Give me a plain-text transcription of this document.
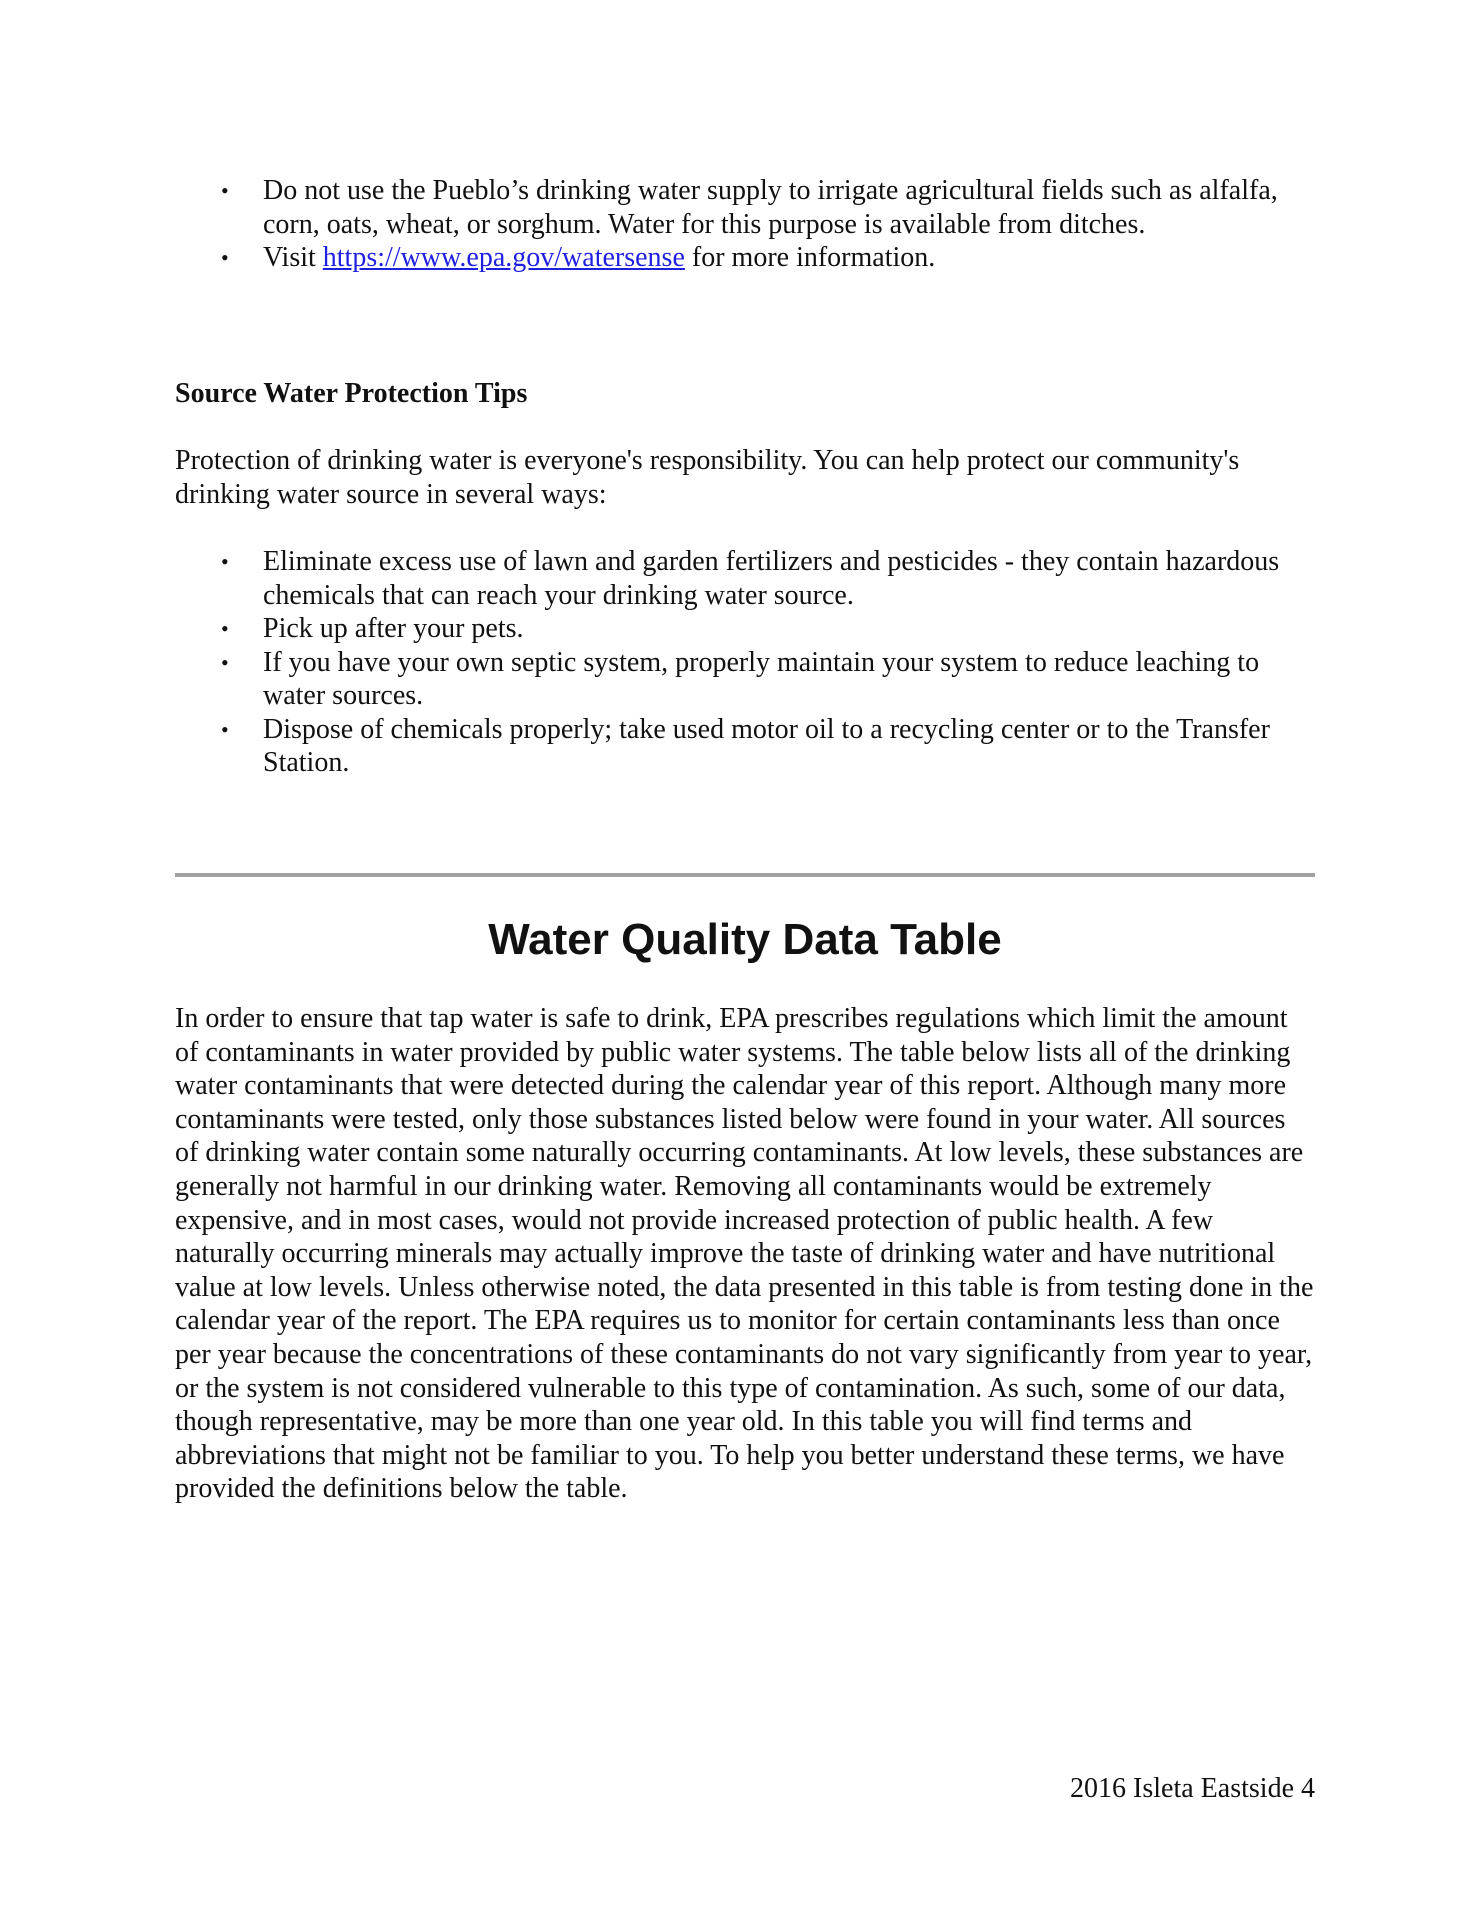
• Do not use the Pueblo’s drinking water supply to irrigate agricultural fields such as alfalfa, corn, oats, wheat, or sorghum. Water for this purpose is available from ditches.
• Visit https://www.epa.gov/watersense for more information.
Source Water Protection Tips
Protection of drinking water is everyone's responsibility. You can help protect our community's drinking water source in several ways:
• Eliminate excess use of lawn and garden fertilizers and pesticides - they contain hazardous chemicals that can reach your drinking water source.
• Pick up after your pets.
• If you have your own septic system, properly maintain your system to reduce leaching to water sources.
• Dispose of chemicals properly; take used motor oil to a recycling center or to the Transfer Station.
Water Quality Data Table
In order to ensure that tap water is safe to drink, EPA prescribes regulations which limit the amount of contaminants in water provided by public water systems. The table below lists all of the drinking water contaminants that were detected during the calendar year of this report. Although many more contaminants were tested, only those substances listed below were found in your water. All sources of drinking water contain some naturally occurring contaminants. At low levels, these substances are generally not harmful in our drinking water. Removing all contaminants would be extremely expensive, and in most cases, would not provide increased protection of public health. A few naturally occurring minerals may actually improve the taste of drinking water and have nutritional value at low levels. Unless otherwise noted, the data presented in this table is from testing done in the calendar year of the report. The EPA requires us to monitor for certain contaminants less than once per year because the concentrations of these contaminants do not vary significantly from year to year, or the system is not considered vulnerable to this type of contamination. As such, some of our data, though representative, may be more than one year old. In this table you will find terms and abbreviations that might not be familiar to you. To help you better understand these terms, we have provided the definitions below the table.
2016 Isleta Eastside 4
